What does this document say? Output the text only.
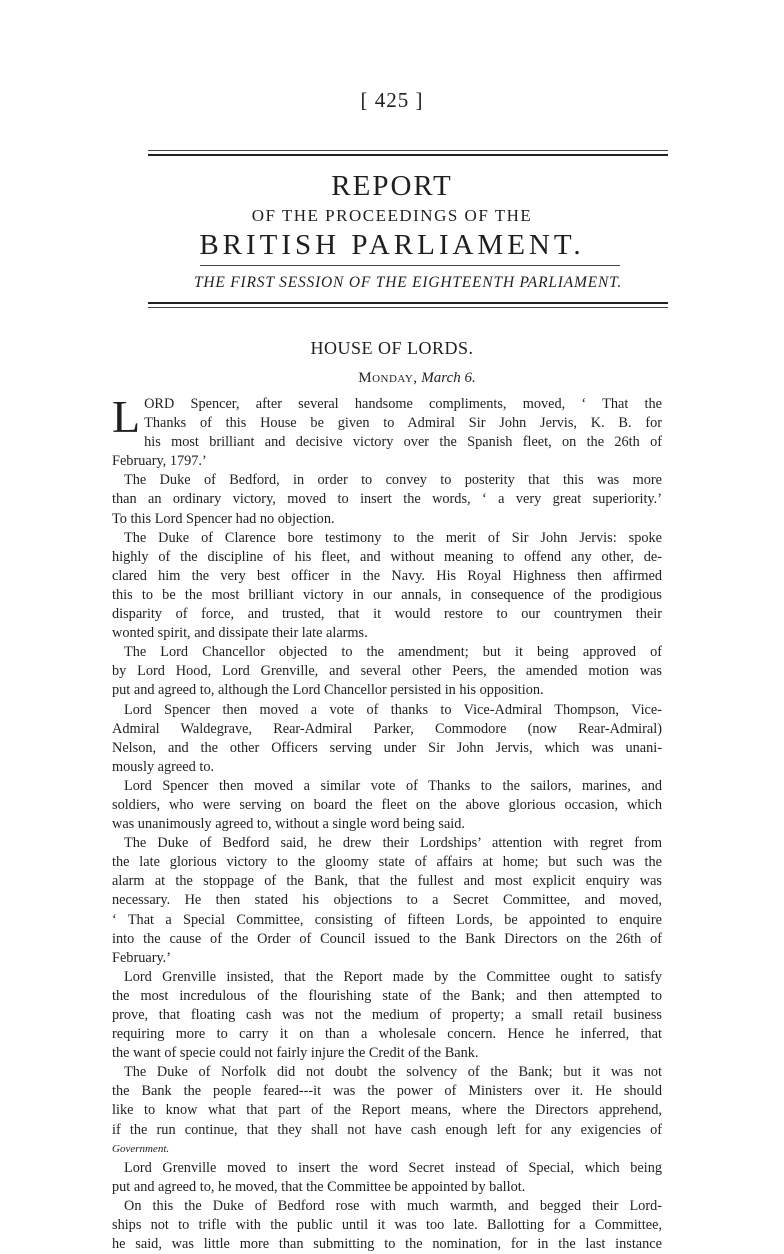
[ 425 ]
REPORT
OF THE PROCEEDINGS OF THE
BRITISH PARLIAMENT.
THE FIRST SESSION OF THE EIGHTEENTH PARLIAMENT.
HOUSE OF LORDS.
Monday, March 6.
L ORD Spencer, after several handsome compliments, moved, ‘ That the
Thanks of this House be given to Admiral Sir John Jervis, K. B. for
his most brilliant and decisive victory over the Spanish fleet, on the 26th of
February, 1797.’
The Duke of Bedford, in order to convey to posterity that this was more
than an ordinary victory, moved to insert the words, ‘ a very great superiority.’
To this Lord Spencer had no objection.
The Duke of Clarence bore testimony to the merit of Sir John Jervis: spoke
highly of the discipline of his fleet, and without meaning to offend any other, de-
clared him the very best officer in the Navy. His Royal Highness then affirmed
this to be the most brilliant victory in our annals, in consequence of the prodigious
disparity of force, and trusted, that it would restore to our countrymen their
wonted spirit, and dissipate their late alarms.
The Lord Chancellor objected to the amendment; but it being approved of
by Lord Hood, Lord Grenville, and several other Peers, the amended motion was
put and agreed to, although the Lord Chancellor persisted in his opposition.
Lord Spencer then moved a vote of thanks to Vice-Admiral Thompson, Vice-
Admiral Waldegrave, Rear-Admiral Parker, Commodore (now Rear-Admiral)
Nelson, and the other Officers serving under Sir John Jervis, which was unani-
mously agreed to.
Lord Spencer then moved a similar vote of Thanks to the sailors, marines, and
soldiers, who were serving on board the fleet on the above glorious occasion, which
was unanimously agreed to, without a single word being said.
The Duke of Bedford said, he drew their Lordships’ attention with regret from
the late glorious victory to the gloomy state of affairs at home; but such was the
alarm at the stoppage of the Bank, that the fullest and most explicit enquiry was
necessary. He then stated his objections to a Secret Committee, and moved,
‘ That a Special Committee, consisting of fifteen Lords, be appointed to enquire
into the cause of the Order of Council issued to the Bank Directors on the 26th of
February.’
Lord Grenville insisted, that the Report made by the Committee ought to satisfy
the most incredulous of the flourishing state of the Bank; and then attempted to
prove, that floating cash was not the medium of property; a small retail business
requiring more to carry it on than a wholesale concern. Hence he inferred, that
the want of specie could not fairly injure the Credit of the Bank.
The Duke of Norfolk did not doubt the solvency of the Bank; but it was not
the Bank the people feared---it was the power of Ministers over it. He should
like to know what that part of the Report means, where the Directors apprehend,
if the run continue, that they shall not have cash enough left for any exigencies of
Government.
Lord Grenville moved to insert the word Secret instead of Special, which being
put and agreed to, he moved, that the Committee be appointed by ballot.
On this the Duke of Bedford rose with much warmth, and begged their Lord-
ships not to trifle with the public until it was too late. Ballotting for a Committee,
he said, was little more than submitting to the nomination, for in the last instance
